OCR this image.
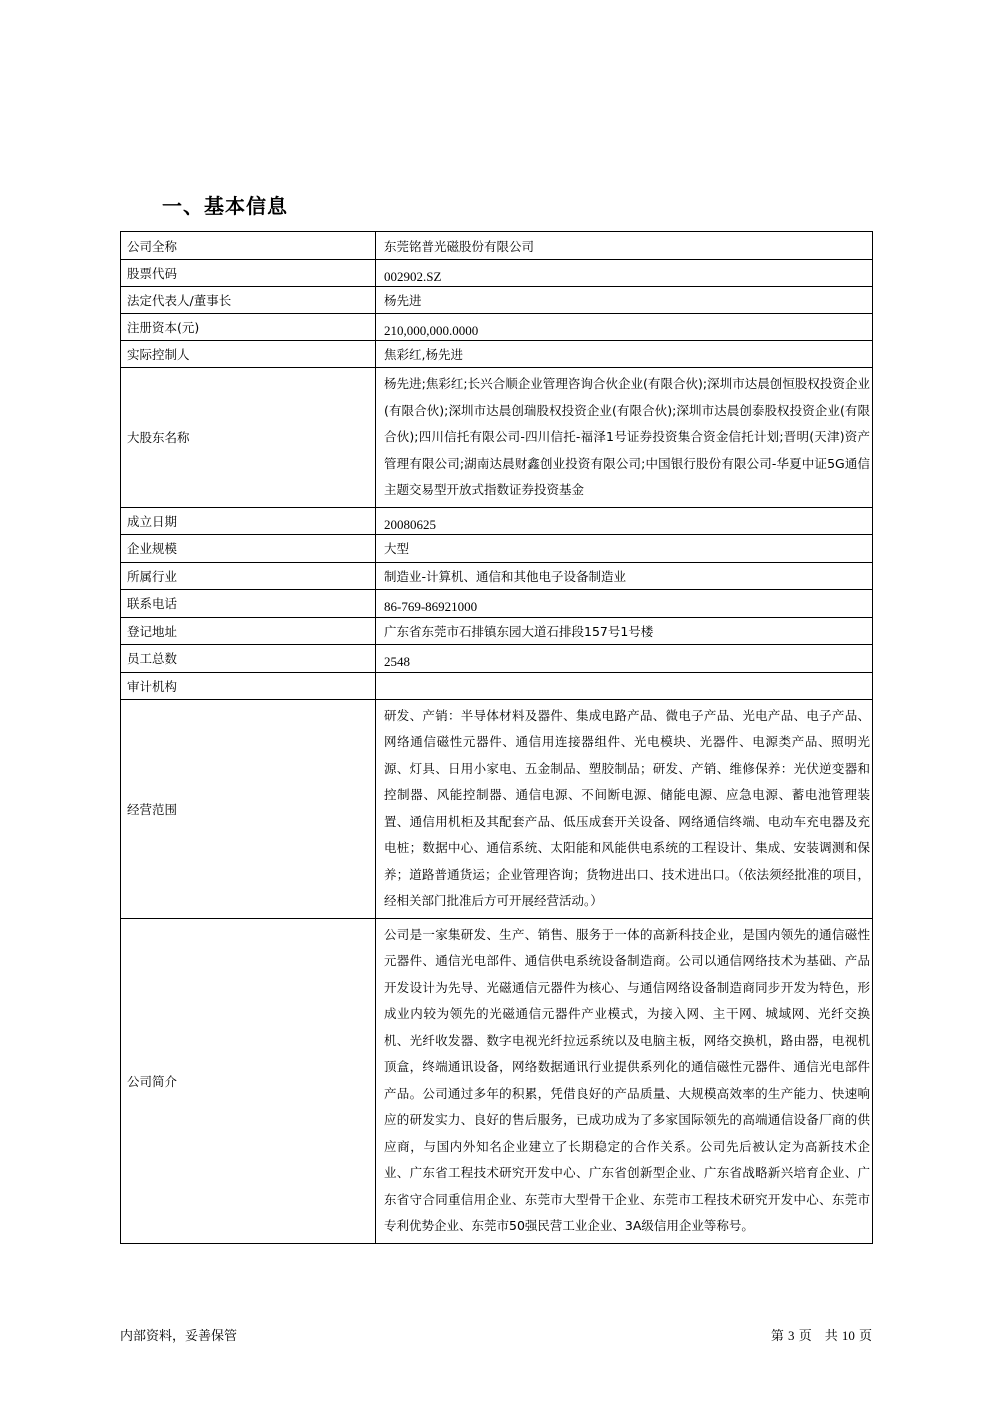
一、基本信息
公司全称	东莞铭普光磁股份有限公司
股票代码	002902.SZ
法定代表人/董事长	杨先进
注册资本(元)	210,000,000.0000
实际控制人	焦彩红,杨先进
大股东名称	杨先进;焦彩红;长兴合顺企业管理咨询合伙企业(有限合伙);深圳市达晨创恒股权投资企业(有限合伙);深圳市达晨创瑞股权投资企业(有限合伙);深圳市达晨创泰股权投资企业(有限合伙);四川信托有限公司-四川信托-福泽1号证券投资集合资金信托计划;晋明(天津)资产管理有限公司;湖南达晨财鑫创业投资有限公司;中国银行股份有限公司-华夏中证5G通信主题交易型开放式指数证券投资基金
成立日期	20080625
企业规模	大型
所属行业	制造业-计算机、通信和其他电子设备制造业
联系电话	86-769-86921000
登记地址	广东省东莞市石排镇东园大道石排段157号1号楼
员工总数	2548
审计机构	
经营范围	研发、产销：半导体材料及器件、集成电路产品、微电子产品、光电产品、电子产品、网络通信磁性元器件、通信用连接器组件、光电模块、光器件、电源类产品、照明光源、灯具、日用小家电、五金制品、塑胶制品；研发、产销、维修保养：光伏逆变器和控制器、风能控制器、通信电源、不间断电源、储能电源、应急电源、蓄电池管理装置、通信用机柜及其配套产品、低压成套开关设备、网络通信终端、电动车充电器及充电桩；数据中心、通信系统、太阳能和风能供电系统的工程设计、集成、安装调测和保养；道路普通货运；企业管理咨询；货物进出口、技术进出口。（依法须经批准的项目，经相关部门批准后方可开展经营活动。）
公司简介	公司是一家集研发、生产、销售、服务于一体的高新科技企业，是国内领先的通信磁性元器件、通信光电部件、通信供电系统设备制造商。公司以通信网络技术为基础、产品开发设计为先导、光磁通信元器件为核心、与通信网络设备制造商同步开发为特色，形成业内较为领先的光磁通信元器件产业模式，为接入网、主干网、城域网、光纤交换机、光纤收发器、数字电视光纤拉远系统以及电脑主板，网络交换机，路由器，电视机顶盒，终端通讯设备，网络数据通讯行业提供系列化的通信磁性元器件、通信光电部件产品。公司通过多年的积累，凭借良好的产品质量、大规模高效率的生产能力、快速响应的研发实力、良好的售后服务，已成功成为了多家国际领先的高端通信设备厂商的供应商，与国内外知名企业建立了长期稳定的合作关系。公司先后被认定为高新技术企业、广东省工程技术研究开发中心、广东省创新型企业、广东省战略新兴培育企业、广东省守合同重信用企业、东莞市大型骨干企业、东莞市工程技术研究开发中心、东莞市专利优势企业、东莞市50强民营工业企业、3A级信用企业等称号。
内部资料，妥善保管	第 3 页　共 10 页
